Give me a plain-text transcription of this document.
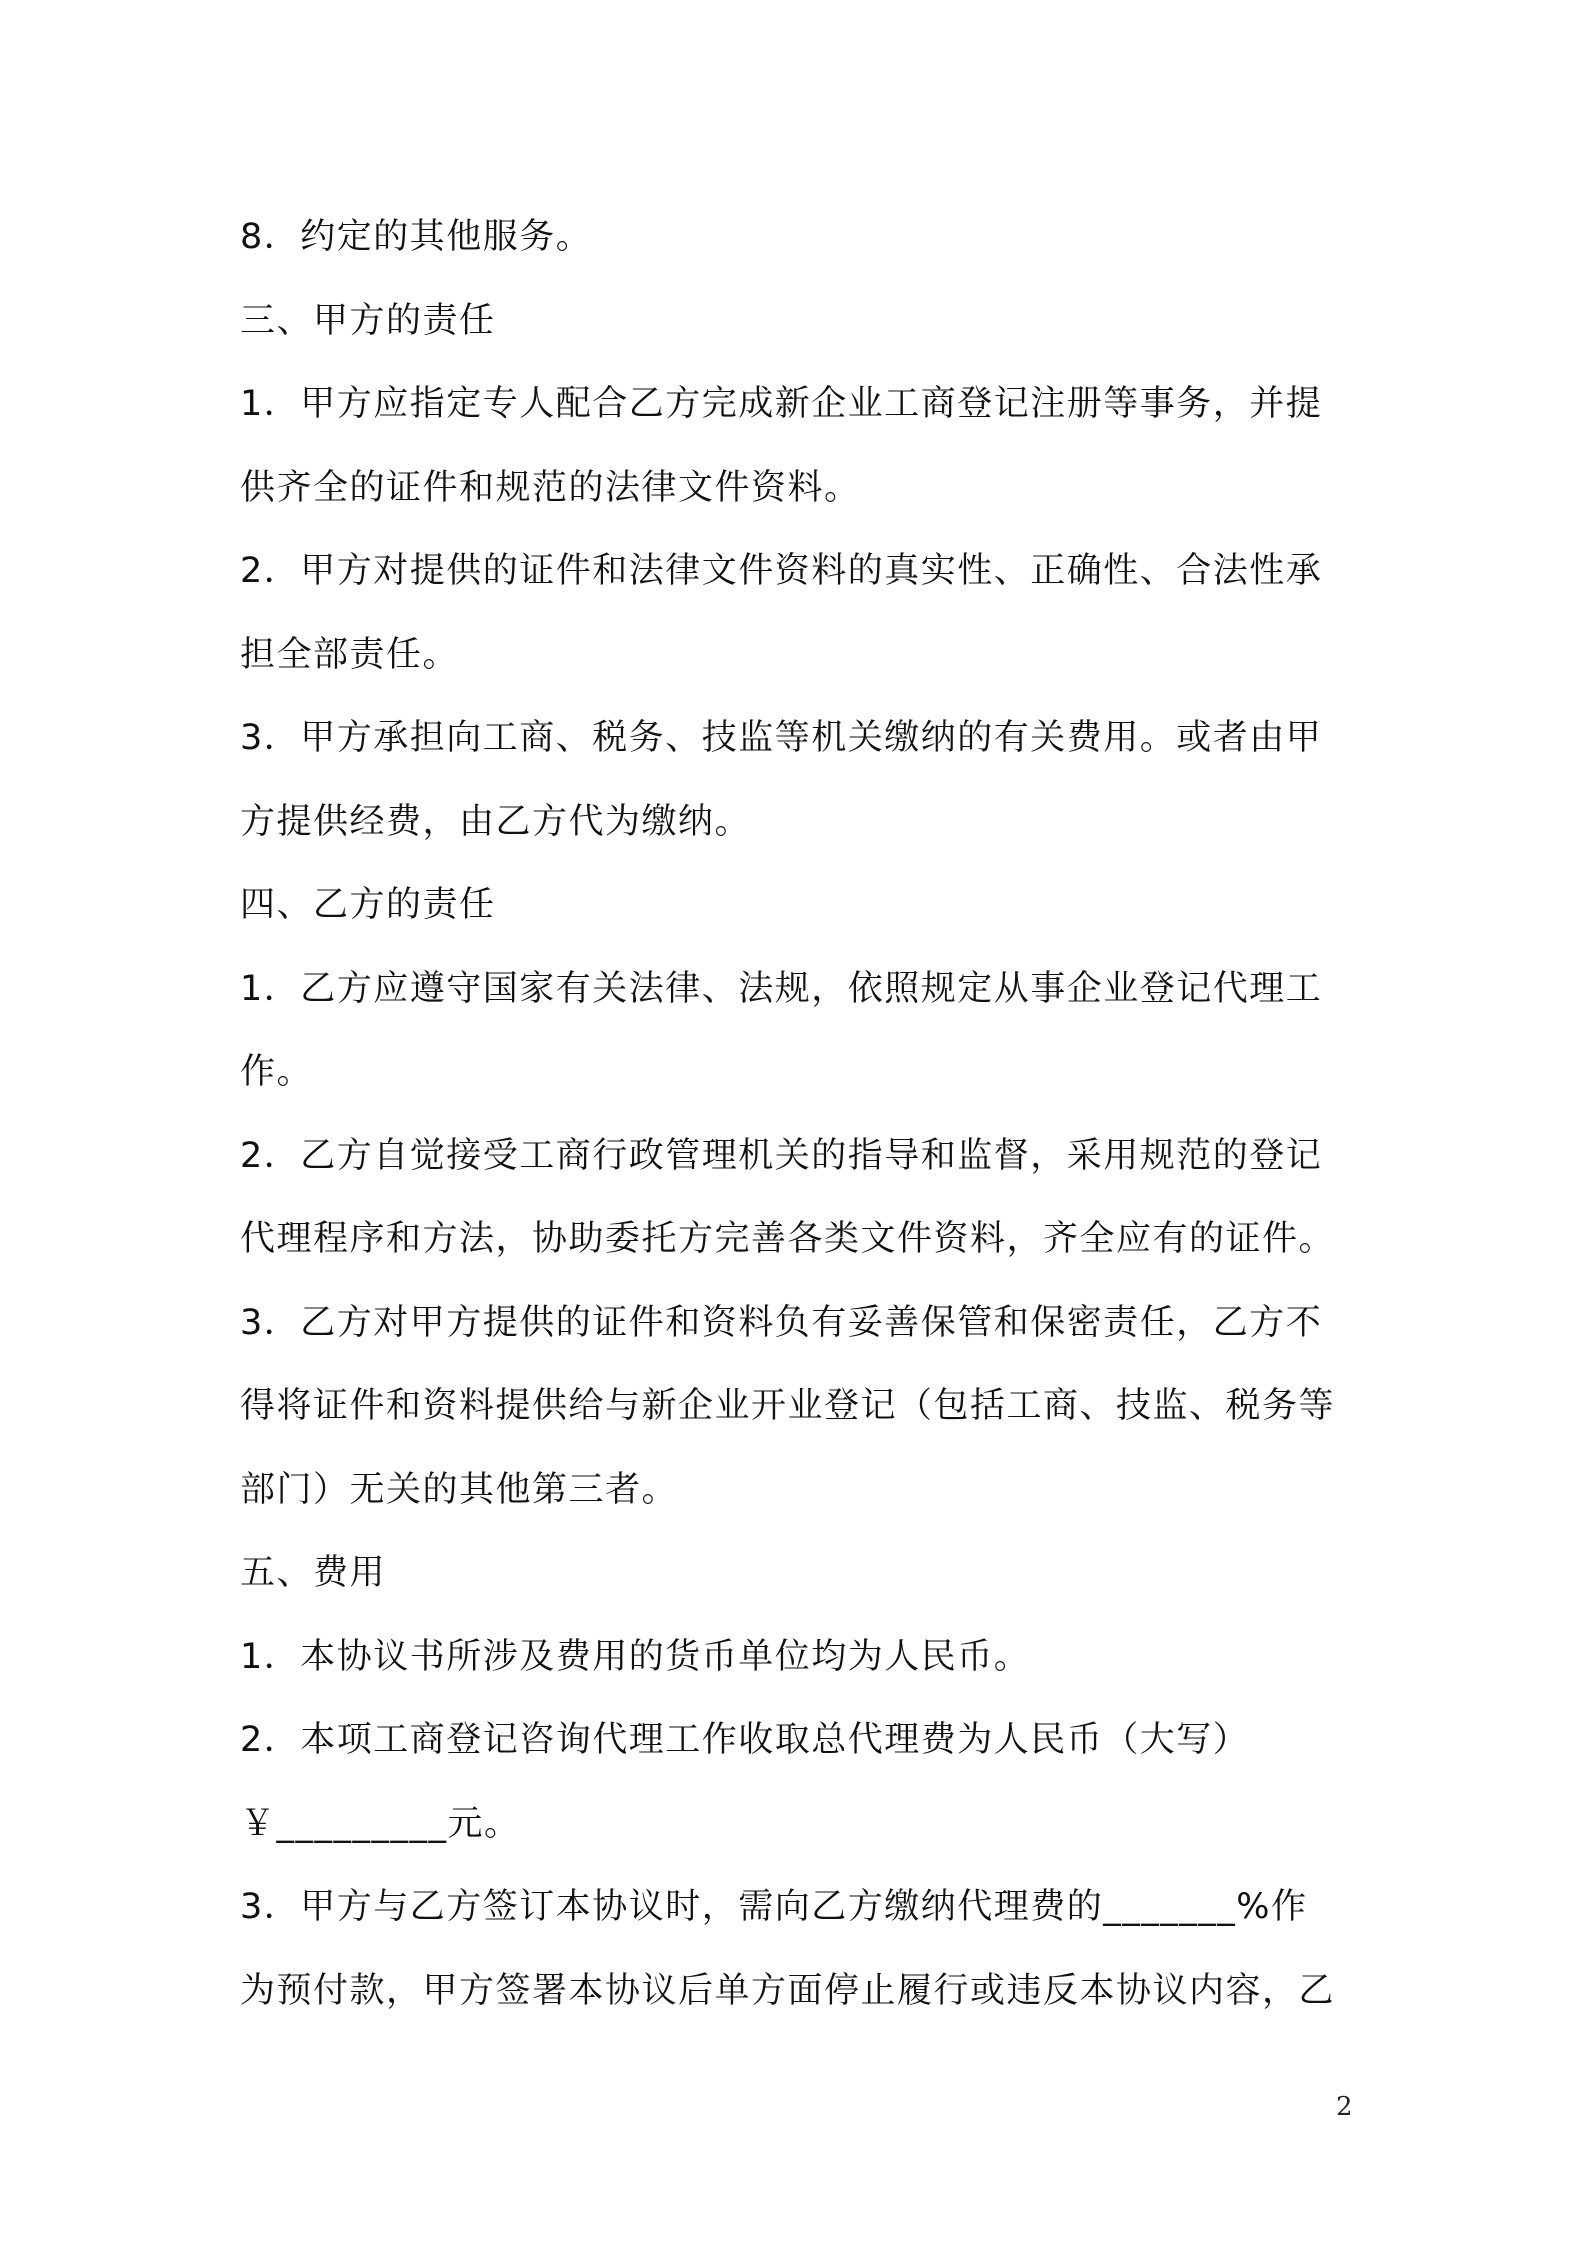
8．约定的其他服务。
三、甲方的责任
1．甲方应指定专人配合乙方完成新企业工商登记注册等事务，并提
供齐全的证件和规范的法律文件资料。
2．甲方对提供的证件和法律文件资料的真实性、正确性、合法性承
担全部责任。
3．甲方承担向工商、税务、技监等机关缴纳的有关费用。或者由甲
方提供经费，由乙方代为缴纳。
四、乙方的责任
1．乙方应遵守国家有关法律、法规，依照规定从事企业登记代理工
作。
2．乙方自觉接受工商行政管理机关的指导和监督，采用规范的登记
代理程序和方法，协助委托方完善各类文件资料，齐全应有的证件。
3．乙方对甲方提供的证件和资料负有妥善保管和保密责任，乙方不
得将证件和资料提供给与新企业开业登记（包括工商、技监、税务等
部门）无关的其他第三者。
五、费用
1．本协议书所涉及费用的货币单位均为人民币。
2．本项工商登记咨询代理工作收取总代理费为人民币（大写）
￥_________元。
3．甲方与乙方签订本协议时，需向乙方缴纳代理费的_______%作
为预付款，甲方签署本协议后单方面停止履行或违反本协议内容，乙
2
